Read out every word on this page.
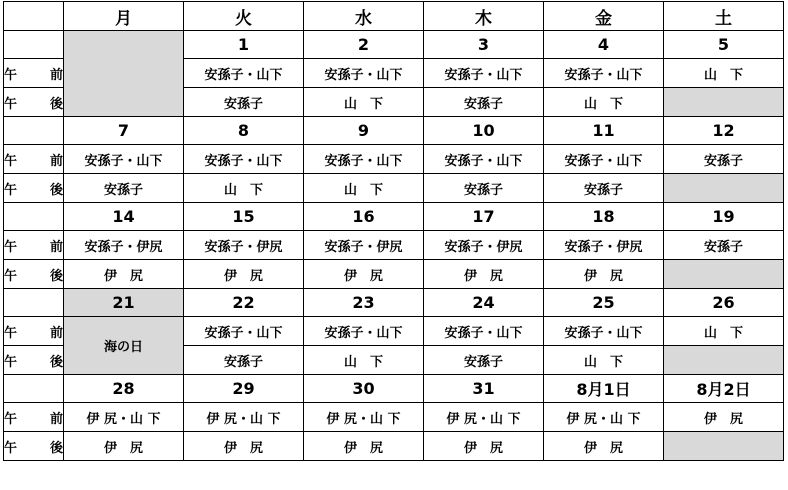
	月	火	水	木	金	土
		1	2	3	4	5
午　前		安孫子・山下	安孫子・山下	安孫子・山下	安孫子・山下	山　下
午　後		安孫子	山　下	安孫子	山　下	
	7	8	9	10	11	12
午　前	安孫子・山下	安孫子・山下	安孫子・山下	安孫子・山下	安孫子・山下	安孫子
午　後	安孫子	山　下	山　下	安孫子	安孫子	
	14	15	16	17	18	19
午　前	安孫子・伊尻	安孫子・伊尻	安孫子・伊尻	安孫子・伊尻	安孫子・伊尻	安孫子
午　後	伊　尻	伊　尻	伊　尻	伊　尻	伊　尻	
	21	22	23	24	25	26
午　前	海の日	安孫子・山下	安孫子・山下	安孫子・山下	安孫子・山下	山　下
午　後		安孫子	山　下	安孫子	山　下	
	28	29	30	31	8月1日	8月2日
午　前	伊 尻・山 下	伊 尻・山 下	伊 尻・山 下	伊 尻・山 下	伊 尻・山 下	伊　尻
午　後	伊　尻	伊　尻	伊　尻	伊　尻	伊　尻	
